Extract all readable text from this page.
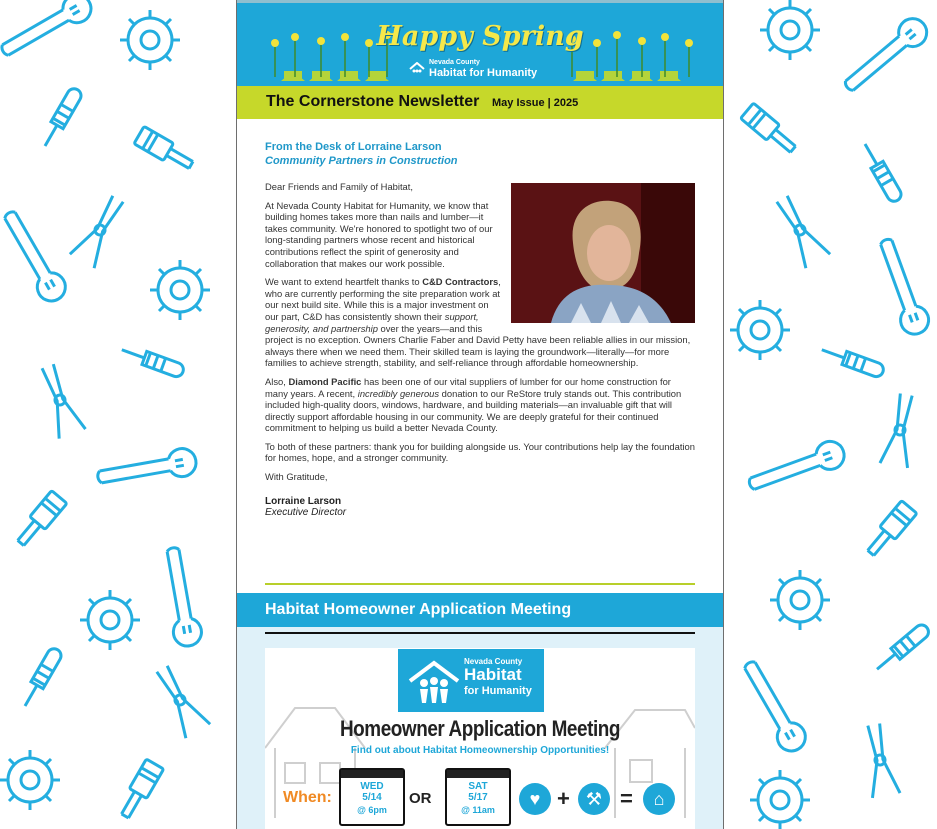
Happy Spring
Nevada County
Habitat for Humanity
The Cornerstone Newsletter May Issue | 2025
From the Desk of Lorraine Larson
Community Partners in Construction

Dear Friends and Family of Habitat,

At Nevada County Habitat for Humanity, we know that building homes takes more than nails and lumber—it takes community. We're honored to spotlight two of our long-standing partners whose recent and historical contributions reflect the spirit of generosity and collaboration that makes our work possible.

We want to extend heartfelt thanks to C&D Contractors, who are currently performing the site preparation work at our next build site. While this is a major investment on our part, C&D has consistently shown their support, generosity, and partnership over the years—and this project is no exception. Owners Charlie Faber and David Petty have been reliable allies in our mission, always there when we need them. Their skilled team is laying the groundwork—literally—for more families to achieve strength, stability, and self-reliance through affordable homeownership.

Also, Diamond Pacific has been one of our vital suppliers of lumber for our home construction for many years. A recent, incredibly generous donation to our ReStore truly stands out. This contribution included high-quality doors, windows, hardware, and building materials—an invaluable gift that will directly support affordable housing in our community. We are deeply grateful for their continued commitment to helping us build a better Nevada County.

To both of these partners: thank you for building alongside us. Your contributions help lay the foundation for homes, hope, and a stronger community.

With Gratitude,

Lorraine Larson
Executive Director
Habitat Homeowner Application Meeting
Nevada County
Habitat
for Humanity
Homeowner Application Meeting
Find out about Habitat Homeownership Opportunities!
When:
WED
5/14
@ 6pm
OR
SAT
5/17
@ 11am
♥ + ⚒ =	⌂
